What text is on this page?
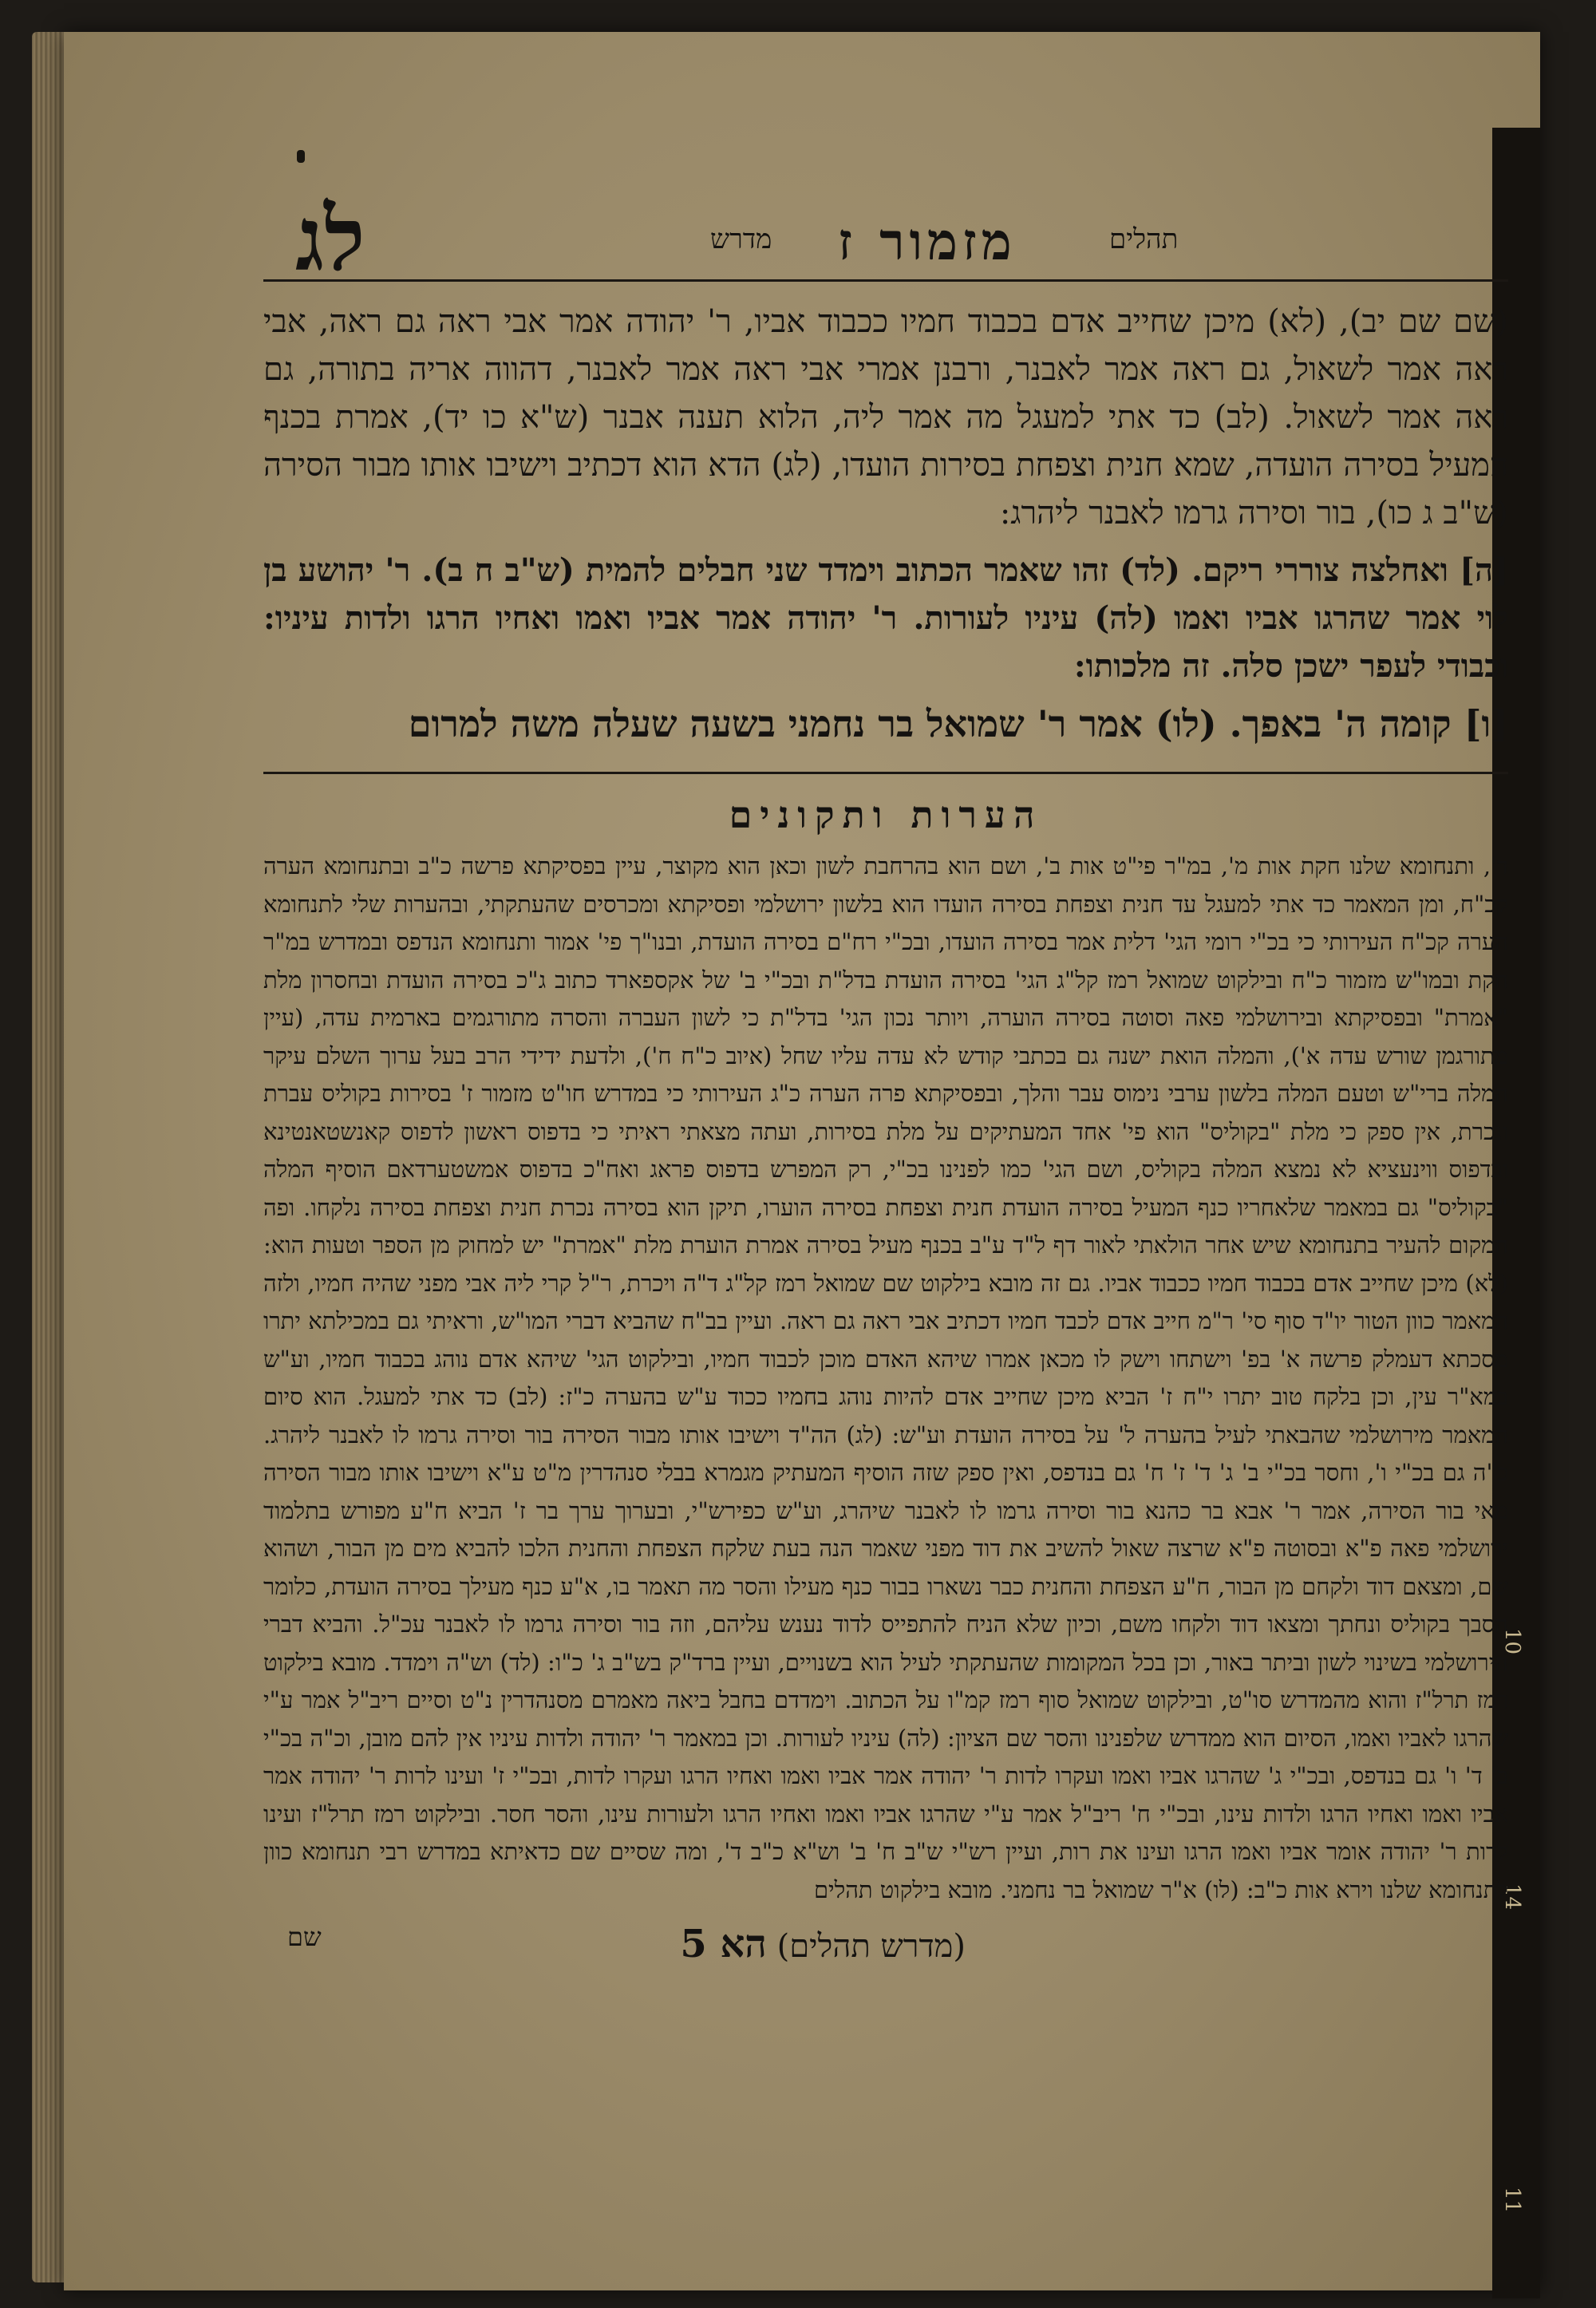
10
14
11
מדרש מזמור ז	תהלים
לג

(שם שם יב), (לא) מיכן שחייב אדם בכבוד חמיו ככבוד אביו, ר' יהודה אמר אבי ראה גם ראה, אבי ראה אמר לשאול, גם ראה אמר לאבנר, ורבנן אמרי אבי ראה אמר לאבנר, דהווה אריה בתורה, גם ראה אמר לשאול. (לב) כד אתי למעגל מה אמר ליה, הלוא תענה אבנר (ש"א כו יד), אמרת בכנף המעיל בסירה הועדה, שמא חנית וצפחת בסירות הועדו, (לג) הדא הוא דכתיב וישיבו אותו מבור הסירה (ש"ב ג כו), בור וסירה גרמו לאבנר ליהרג:

[ה] ואחלצה צוררי ריקם. (לד) זהו שאמר הכתוב וימדד שני חבלים להמית (ש"ב ח ב). ר' יהושע בן לוי אמר שהרגו אביו ואמו (לה) עיניו לעורות. ר' יהודה אמר אביו ואמו ואחיו הרגו ולדות עיניו: וכבודי לעפר ישכן סלה. זה מלכותו:

[ו] קומה ה' באפך. (לו) אמר ר' שמואל בר נחמני בשעה שעלה משה למרום

הערות ותקונים

ד', ותנחומא שלנו חקת אות מ', במ"ר פי"ט אות ב', ושם הוא בהרחבת לשון וכאן הוא מקוצר, עיין בפסיקתא פרשה כ"ב ובתנחומא הערה קכ"ח, ומן המאמר כד אתי למעגל עד חנית וצפחת בסירה הועדו הוא בלשון ירושלמי ופסיקתא ומכרסים שהעתקתי, ובהערות שלי לתנחומא הערה קכ"ח העירותי כי בכ"י רומי הגי' דלית אמר בסירה הועדו, ובכ"י רח"ם בסירה הועדת, ובנו"ך פי' אמור ותנחומא הנדפס ובמדרש במ"ר חקת ובמו"ש מזמור כ"ח ובילקוט שמואל רמז קל"ג הגי' בסירה הועדת בדל"ת ובכ"י ב' של אקספארד כתוב ג"כ בסירה הועדת ובחסרון מלת "אמרת" ובפסיקתא ובירושלמי פאה וסוטה בסירה הוערה, ויותר נכון הגי' בדל"ת כי לשון העברה והסרה מתורגמים בארמית עדה, (עיין מתורגמן שורש עדה א'), והמלה הואת ישנה גם בכתבי קודש לא עדה עליו שחל (איוב כ"ח ח'), ולדעת ידידי הרב בעל ערוך השלם עיקר המלה ברי"ש וטעם המלה בלשון ערבי נימוס עבר והלך, ובפסיקתא פרה הערה כ"ג העירותי כי במדרש חו"ט מזמור ז' בסירות בקוליס עברת ונכרת, אין ספק כי מלת "בקוליס" הוא פי' אחד המעתיקים על מלת בסירות, ועתה מצאתי ראיתי כי בדפוס ראשון לדפוס קאנשטאנטינא ובדפוס ווינעציא לא נמצא המלה בקוליס, ושם הגי' כמו לפנינו בכ"י, רק המפרש בדפוס פראג ואח"כ בדפוס אמשטערדאם הוסיף המלה "בקוליס" גם במאמר שלאחריו כנף המעיל בסירה הועדת חנית וצפחת בסירה הוערו, תיקן הוא בסירה נכרת חנית וצפחת בסירה נלקחו. ופה המקום להעיר בתנחומא שיש אחר הולאתי לאור דף ל"ד ע"ב בכנף מעיל בסירה אמרת הוערת מלת "אמרת" יש למחוק מן הספר וטעות הוא: (לא) מיכן שחייב אדם בכבוד חמיו ככבוד אביו. גם זה מובא בילקוט שם שמואל רמז קל"ג ד"ה ויכרת, ר"ל קרי ליה אבי מפני שהיה חמיו, ולזה המאמר כוון הטור יו"ד סוף סי' ר"מ חייב אדם לכבד חמיו דכתיב אבי ראה גם ראה. ועיין בב"ח שהביא דברי המו"ש, וראיתי גם במכילתא יתרו מסכתא דעמלק פרשה א' בפ' וישתחו וישק לו מכאן אמרו שיהא האדם מוכן לכבוד חמיו, ובילקוט הגי' שיהא אדם נוהג בכבוד חמיו, וע"ש במא"ר עין, וכן בלקח טוב יתרו י"ח ז' הביא מיכן שחייב אדם להיות נוהג בחמיו ככוד ע"ש בהערה כ"ז: (לב) כד אתי למעגל. הוא סיום המאמר מירושלמי שהבאתי לעיל בהערה ל' על בסירה הועדת וע"ש: (לג) הה"ד וישיבו אותו מבור הסירה בור וסירה גרמו לו לאבנר ליהרג. כ"ה גם בכ"י ו', וחסר בכ"י ב' ג' ד' ז' ח' גם בנדפס, ואין ספק שזה הוסיף המעתיק מגמרא בבלי סנהדרין מ"ט ע"א וישיבו אותו מבור הסירה מאי בור הסירה, אמר ר' אבא בר כהנא בור וסירה גרמו לו לאבנר שיהרג, וע"ש כפירש"י, ובערוך ערך בר ז' הביא ח"ע מפורש בתלמוד ירושלמי פאה פ"א ובסוטה פ"א שרצה שאול להשיב את דוד מפני שאמר הנה בעת שלקח הצפחת והחנית הלכו להביא מים מן הבור, ושהוא שם, ומצאם דוד ולקחם מן הבור, ח"ע הצפחת והחנית כבר נשארו בבור כנף מעילו והסר מה תאמר בו, א"ע כנף מעילך בסירה הועדת, כלומר הסבך בקוליס ונחתך ומצאו דוד ולקחו משם, וכיון שלא הניח להתפייס לדוד נענש עליהם, וזה בור וסירה גרמו לו לאבנר עכ"ל. והביא דברי הירושלמי בשינוי לשון וביתר באור, וכן בכל המקומות שהעתקתי לעיל הוא בשנויים, ועיין ברד"ק בש"ב ג' כ"ו: (לד) וש"ה וימדד. מובא בילקוט רמז תרל"ז והוא מהמדרש סו"ט, ובילקוט שמואל סוף רמז קמ"ו על הכתוב. וימדדם בחבל ביאה מאמרם מסנהדרין נ"ט וסיים ריב"ל אמר ע"י שהרגו לאביו ואמו, הסיום הוא ממדרש שלפנינו והסר שם הציון: (לה) עיניו לעורות. וכן במאמר ר' יהודה ולדות עיניו אין להם מובן, וכ"ה בכ"י ב' ד' ו' גם בנדפס, ובכ"י ג' שהרגו אביו ואמו ועקרו לדות ר' יהודה אמר אביו ואמו ואחיו הרגו ועקרו לדות, ובכ"י ז' ועינו לרות ר' יהודה אמר אביו ואמו ואחיו הרגו ולדות עינו, ובכ"י ח' ריב"ל אמר ע"י שהרגו אביו ואמו ואחיו הרגו ולעורות עינו, והסר חסר. ובילקוט רמז תרל"ז ועינו לרות ר' יהודה אומר אביו ואמו הרגו ועינו את רות, ועיין רש"י ש"ב ח' ב' וש"א כ"ב ד', ומה שסיים שם כדאיתא במדרש רבי תנחומא כוון לתנחומא שלנו וירא אות כ"ב: (לו) א"ר שמואל בר נחמני. מובא בילקוט תהלים

(מדרש תהלים) הא 5
שם
